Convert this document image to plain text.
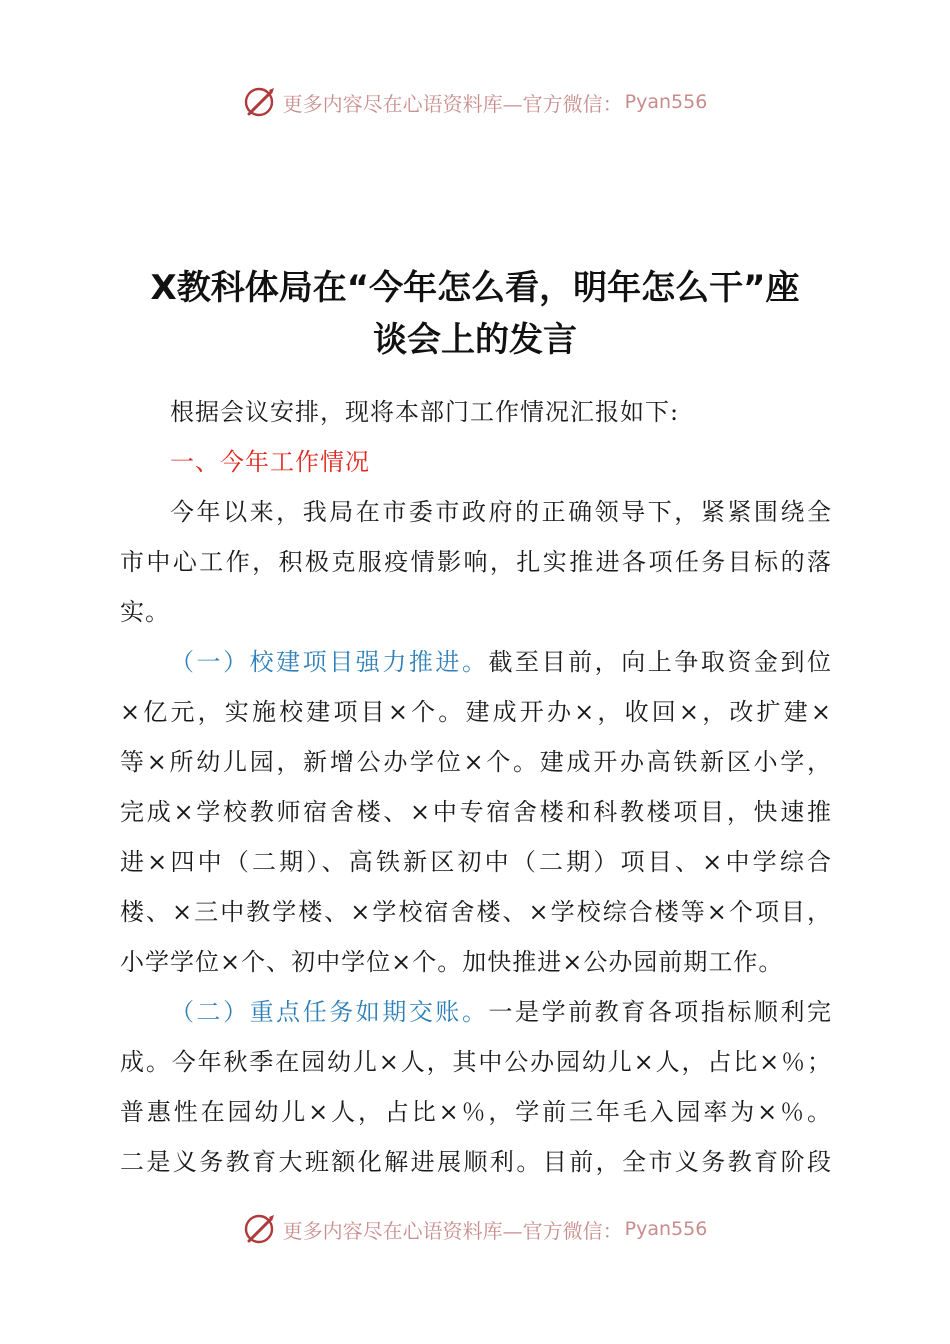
更多内容尽在心语资料库—官方微信： Pyan556
X教科体局在“今年怎么看，明年怎么干”座
谈会上的发言
根据会议安排，现将本部门工作情况汇报如下:
一、今年工作情况
今年以来，我局在市委市政府的正确领导下，紧紧围绕全
市中心工作，积极克服疫情影响，扎实推进各项任务目标的落
实。
（一）校建项目强力推进。截至目前，向上争取资金到位
×亿元，实施校建项目×个。建成开办×，收回×，改扩建×
等×所幼儿园，新增公办学位×个。建成开办高铁新区小学，
完成×学校教师宿舍楼、×中专宿舍楼和科教楼项目，快速推
进×四中（二期）、高铁新区初中（二期）项目、×中学综合
楼、×三中教学楼、×学校宿舍楼、×学校综合楼等×个项目，
小学学位×个、初中学位×个。加快推进×公办园前期工作。
（二）重点任务如期交账。一是学前教育各项指标顺利完
成。今年秋季在园幼儿×人，其中公办园幼儿×人，占比×％；
普惠性在园幼儿×人，占比×％，学前三年毛入园率为×％。
二是义务教育大班额化解进展顺利。目前，全市义务教育阶段
更多内容尽在心语资料库—官方微信： Pyan556
